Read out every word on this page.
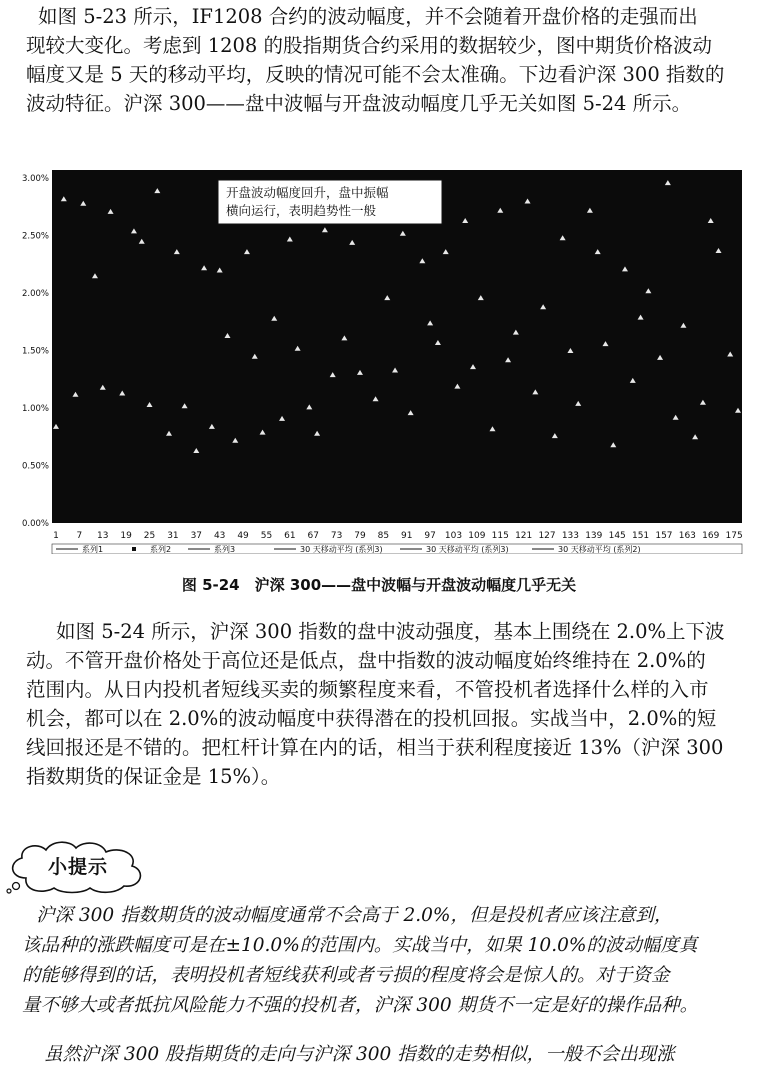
如图 5-23 所示，IF1208 合约的波动幅度，并不会随着开盘价格的走强而出
现较大变化。考虑到 1208 的股指期货合约采用的数据较少，图中期货价格波动
幅度又是 5 天的移动平均，反映的情况可能不会太准确。下边看沪深 300 指数的
波动特征。沪深 300——盘中波幅与开盘波动幅度几乎无关如图 5-24 所示。

3.00%
2.50%
2.00%
1.50%
1.00%
0.50%
0.00%
1 7 13 19 25 31 37 43 49 55 61 67 73 79 85 91 97 103 109 115 121 127 133 139 145 151 157 163 169 175
开盘波动幅度回升，盘中振幅
横向运行，表明趋势性一般
系列1	系列2	系列3	30 天移动平均 (系列3)	30 天移动平均 (系列3)	30 天移动平均 (系列2)
图 5-24　沪深 300——盘中波幅与开盘波动幅度几乎无关

如图 5-24 所示，沪深 300 指数的盘中波动强度，基本上围绕在 2.0%上下波
动。不管开盘价格处于高位还是低点，盘中指数的波动幅度始终维持在 2.0%的
范围内。从日内投机者短线买卖的频繁程度来看，不管投机者选择什么样的入市
机会，都可以在 2.0%的波动幅度中获得潜在的投机回报。实战当中，2.0%的短
线回报还是不错的。把杠杆计算在内的话，相当于获利程度接近 13%（沪深 300
指数期货的保证金是 15%）。

小提示

沪深 300 指数期货的波动幅度通常不会高于 2.0%，但是投机者应该注意到，
该品种的涨跌幅度可是在±10.0%的范围内。实战当中，如果 10.0%的波动幅度真
的能够得到的话，表明投机者短线获利或者亏损的程度将会是惊人的。对于资金
量不够大或者抵抗风险能力不强的投机者，沪深 300 期货不一定是好的操作品种。

虽然沪深 300 股指期货的走向与沪深 300 指数的走势相似，一般不会出现涨
